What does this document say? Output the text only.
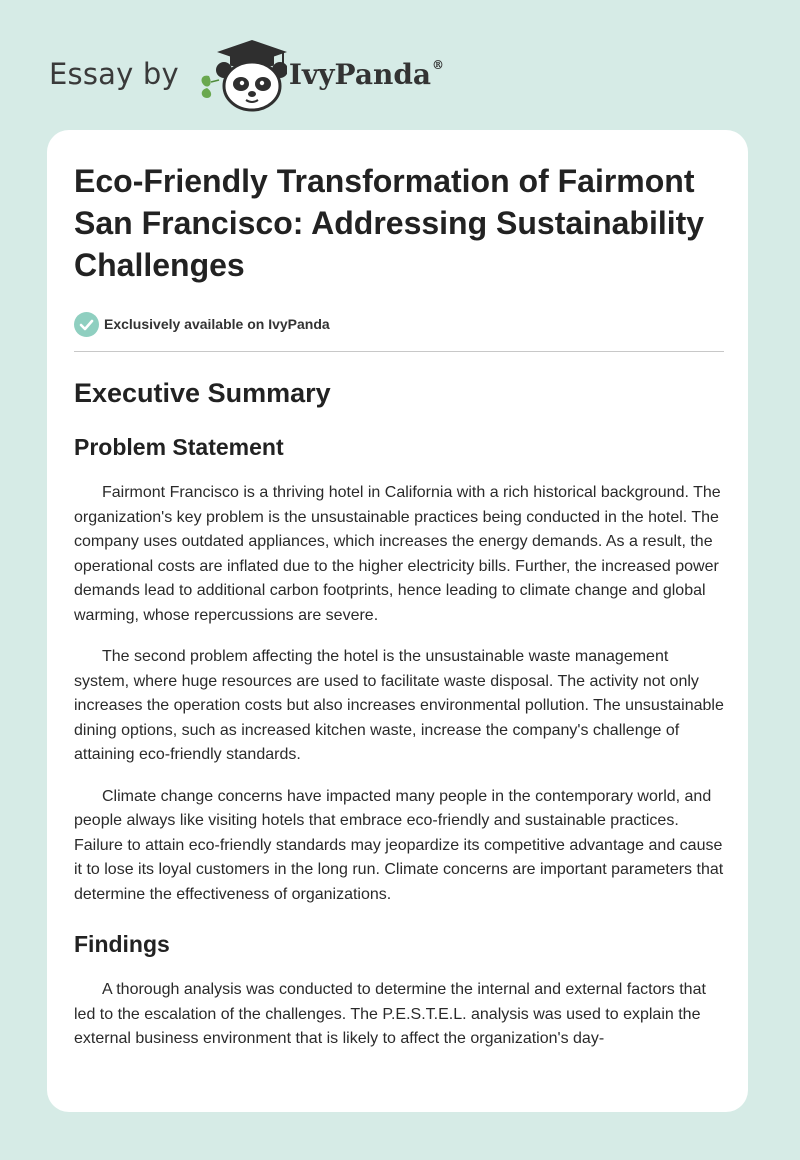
Essay by	IvyPanda®
Eco-Friendly Transformation of Fairmont San Francisco: Addressing Sustainability Challenges
Exclusively available on IvyPanda
Executive Summary
Problem Statement

Fairmont Francisco is a thriving hotel in California with a rich historical background. The organization's key problem is the unsustainable practices being conducted in the hotel. The company uses outdated appliances, which increases the energy demands. As a result, the operational costs are inflated due to the higher electricity bills. Further, the increased power demands lead to additional carbon footprints, hence leading to climate change and global warming, whose repercussions are severe.

The second problem affecting the hotel is the unsustainable waste management system, where huge resources are used to facilitate waste disposal. The activity not only increases the operation costs but also increases environmental pollution. The unsustainable dining options, such as increased kitchen waste, increase the company's challenge of attaining eco-friendly standards.

Climate change concerns have impacted many people in the contemporary world, and people always like visiting hotels that embrace eco-friendly and sustainable practices. Failure to attain eco-friendly standards may jeopardize its competitive advantage and cause it to lose its loyal customers in the long run. Climate concerns are important parameters that determine the effectiveness of organizations.

Findings

A thorough analysis was conducted to determine the internal and external factors that led to the escalation of the challenges. The P.E.S.T.E.L. analysis was used to explain the external business environment that is likely to affect the organization's day-
